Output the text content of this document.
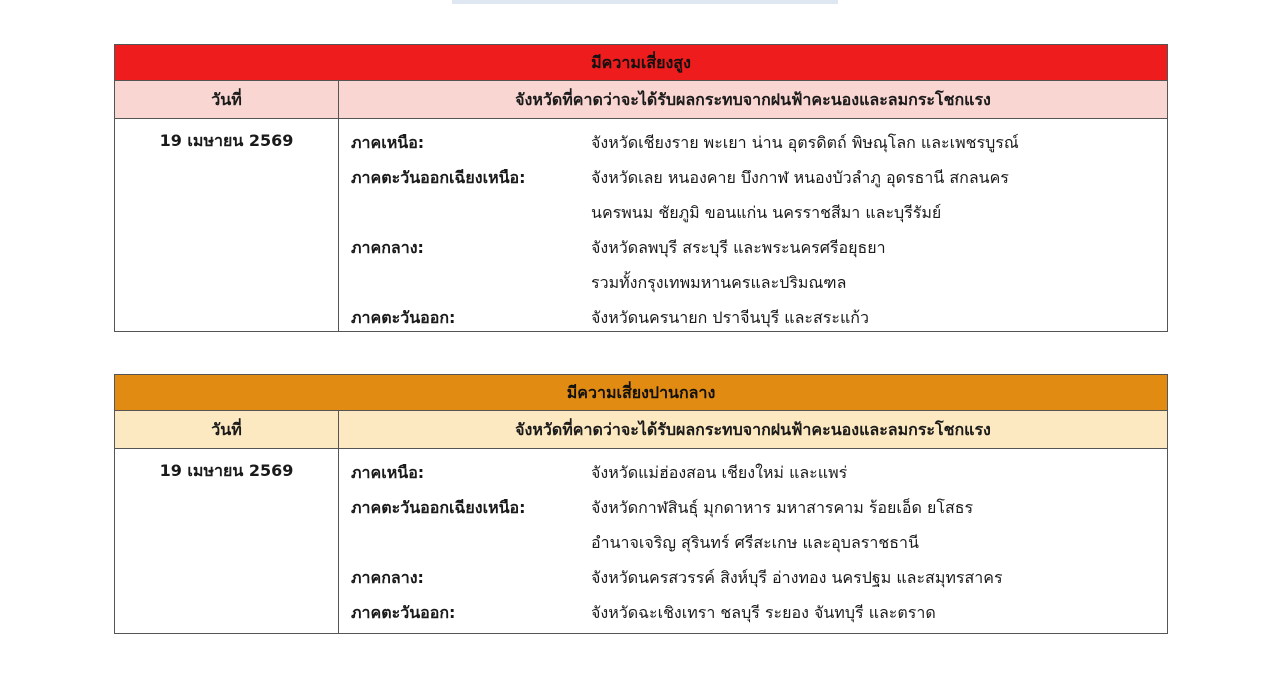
มีความเสี่ยงสูง
วันที่	จังหวัดที่คาดว่าจะได้รับผลกระทบจากฝนฟ้าคะนองและลมกระโชกแรง
19 เมษายน 2569	ภาคเหนือ:	จังหวัดเชียงราย พะเยา น่าน อุตรดิตถ์ พิษณุโลก และเพชรบูรณ์
ภาคตะวันออกเฉียงเหนือ:	จังหวัดเลย หนองคาย บึงกาฬ หนองบัวลำภู อุดรธานี สกลนคร
นครพนม ชัยภูมิ ขอนแก่น นครราชสีมา และบุรีรัมย์
ภาคกลาง:	จังหวัดลพบุรี สระบุรี และพระนครศรีอยุธยา
รวมทั้งกรุงเทพมหานครและปริมณฑล
ภาคตะวันออก:	จังหวัดนครนายก ปราจีนบุรี และสระแก้ว
มีความเสี่ยงปานกลาง
วันที่	จังหวัดที่คาดว่าจะได้รับผลกระทบจากฝนฟ้าคะนองและลมกระโชกแรง
19 เมษายน 2569	ภาคเหนือ:	จังหวัดแม่ฮ่องสอน เชียงใหม่ และแพร่
ภาคตะวันออกเฉียงเหนือ:	จังหวัดกาฬสินธุ์ มุกดาหาร มหาสารคาม ร้อยเอ็ด ยโสธร
อำนาจเจริญ สุรินทร์ ศรีสะเกษ และอุบลราชธานี
ภาคกลาง:	จังหวัดนครสวรรค์ สิงห์บุรี อ่างทอง นครปฐม และสมุทรสาคร
ภาคตะวันออก:	จังหวัดฉะเชิงเทรา ชลบุรี ระยอง จันทบุรี และตราด
